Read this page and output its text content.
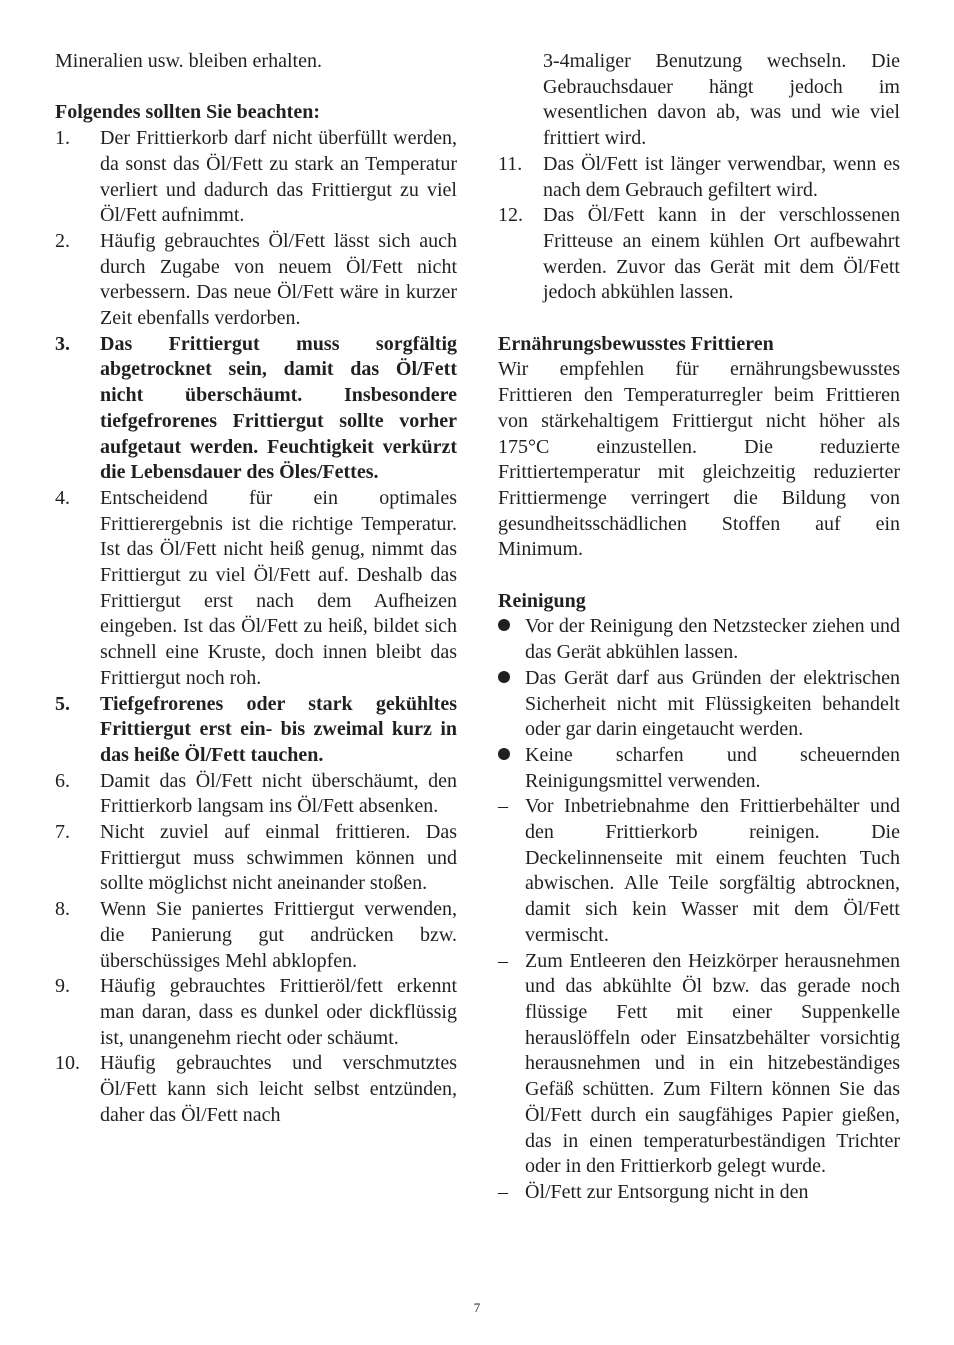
Mineralien usw. bleiben erhalten.

Folgendes sollten Sie beachten:

1.	Der Frittierkorb darf nicht überfüllt werden, da sonst das Öl/Fett zu stark an Temperatur verliert und dadurch das Frittiergut zu viel Öl/Fett aufnimmt.
2.	Häufig gebrauchtes Öl/Fett lässt sich auch durch Zugabe von neuem Öl/Fett nicht verbessern. Das neue Öl/Fett wäre in kurzer Zeit ebenfalls verdorben.
3.	Das Frittiergut muss sorgfältig abgetrocknet sein, damit das Öl/Fett nicht überschäumt. Insbesondere tiefgefrorenes Frittiergut sollte vorher aufgetaut werden. Feuchtigkeit verkürzt die Lebensdauer des Öles/Fettes.
4.	Entscheidend für ein optimales Frittierergebnis ist die richtige Temperatur. Ist das Öl/Fett nicht heiß genug, nimmt das Frittiergut zu viel Öl/Fett auf. Deshalb das Frittiergut erst nach dem Aufheizen eingeben. Ist das Öl/Fett zu heiß, bildet sich schnell eine Kruste, doch innen bleibt das Frittiergut noch roh.
5.	Tiefgefrorenes oder stark gekühltes Frittiergut erst ein- bis zweimal kurz in das heiße Öl/Fett tauchen.
6.	Damit das Öl/Fett nicht überschäumt, den Frittierkorb langsam ins Öl/Fett absenken.
7.	Nicht zuviel auf einmal frittieren. Das Frittiergut muss schwimmen können und sollte möglichst nicht aneinander stoßen.
8.	Wenn Sie paniertes Frittiergut verwenden, die Panierung gut andrücken bzw. überschüssiges Mehl abklopfen.
9.	Häufig gebrauchtes Frittieröl/fett erkennt man daran, dass es dunkel oder dickflüssig ist, unangenehm riecht oder schäumt.
10.	Häufig gebrauchtes und verschmutztes Öl/Fett kann sich leicht selbst entzünden, daher das Öl/Fett nach
3-4maliger Benutzung wechseln. Die Gebrauchsdauer hängt jedoch im wesentlichen davon ab, was und wie viel frittiert wird.
11.	Das Öl/Fett ist länger verwendbar, wenn es nach dem Gebrauch gefiltert wird.
12.	Das Öl/Fett kann in der verschlossenen Fritteuse an einem kühlen Ort aufbewahrt werden. Zuvor das Gerät mit dem Öl/Fett jedoch abkühlen lassen.

Ernährungsbewusstes Frittieren

Wir empfehlen für ernährungsbewusstes Frittieren den Temperaturregler beim Frittieren von stärkehaltigem Frittiergut nicht höher als 175°C einzustellen. Die reduzierte Frittiertemperatur mit gleichzeitig reduzierter Frittiermenge verringert die Bildung von gesundheitsschädlichen Stoffen auf ein Minimum.

Reinigung

Vor der Reinigung den Netzstecker ziehen und das Gerät abkühlen lassen.
Das Gerät darf aus Gründen der elektrischen Sicherheit nicht mit Flüssigkeiten behandelt oder gar darin eingetaucht werden.
Keine scharfen und scheuernden Reinigungsmittel verwenden.
– Vor Inbetriebnahme den Frittierbehälter und den Frittierkorb reinigen. Die Deckelinnenseite mit einem feuchten Tuch abwischen. Alle Teile sorgfältig abtrocknen, damit sich kein Wasser mit dem Öl/Fett vermischt.
– Zum Entleeren den Heizkörper herausnehmen und das abkühlte Öl bzw. das gerade noch flüssige Fett mit einer Suppenkelle herauslöffeln oder Einsatzbehälter vorsichtig herausnehmen und in ein hitzebeständiges Gefäß schütten. Zum Filtern können Sie das Öl/Fett durch ein saugfähiges Papier gießen, das in einen temperaturbeständigen Trichter oder in den Frittierkorb gelegt wurde.
– Öl/Fett zur Entsorgung nicht in den
7
